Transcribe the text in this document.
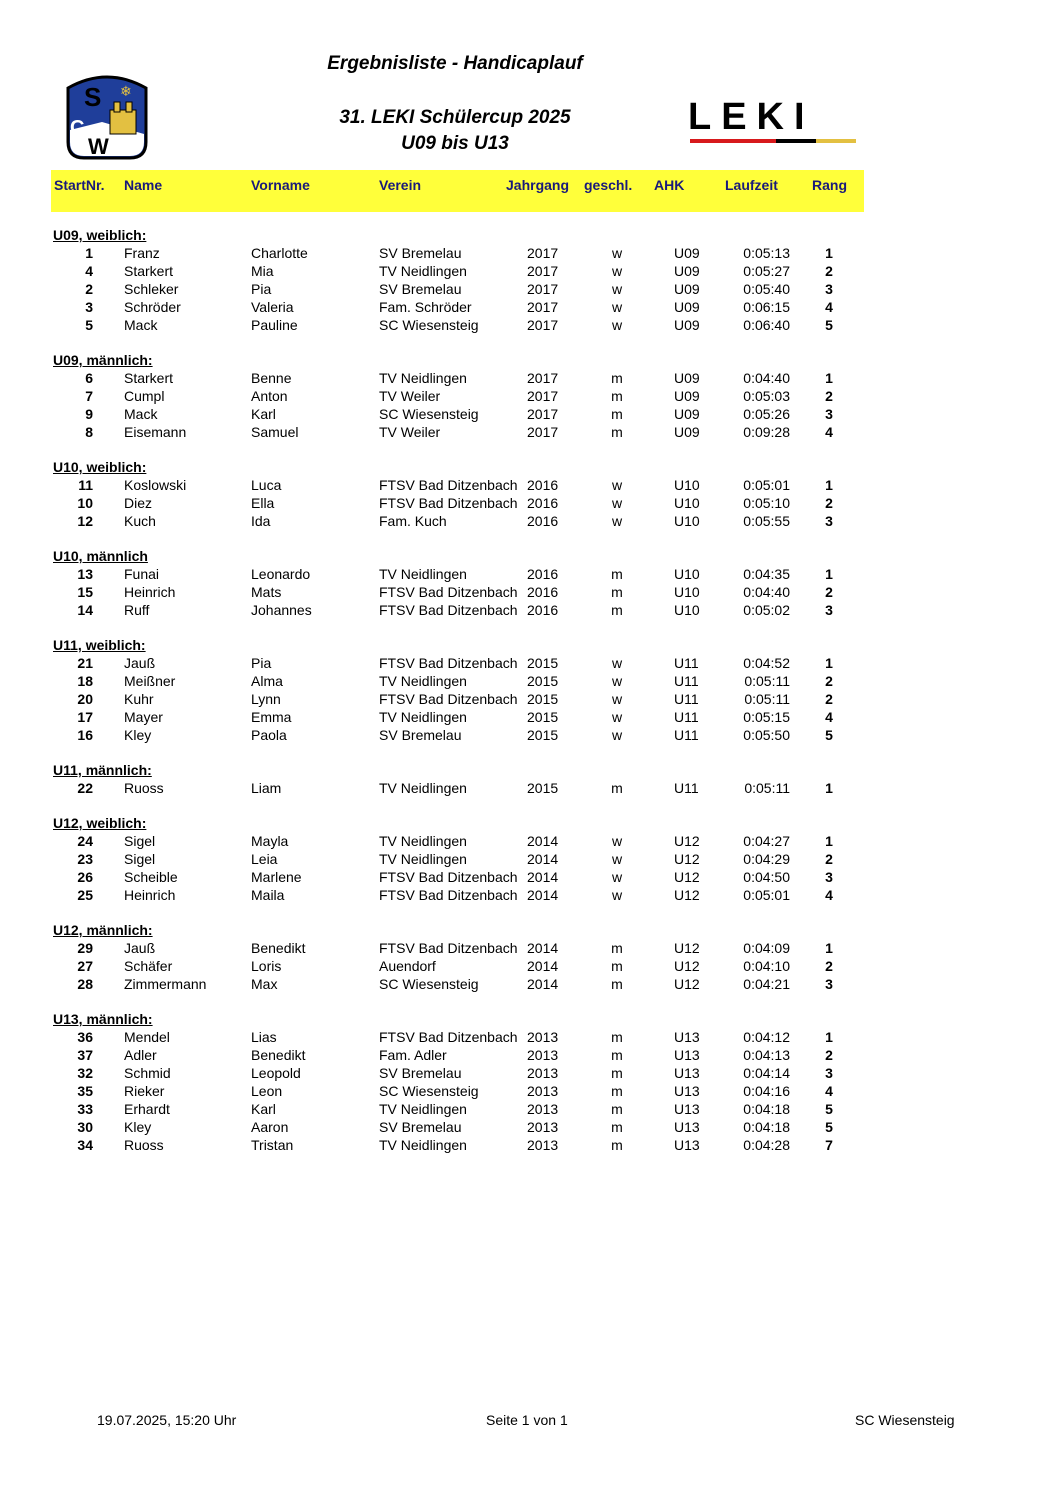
Ergebnisliste - Handicaplauf
31. LEKI Schülercup 2025
U09 bis U13
❄
S
C
W
LEKI
StartNr. Name	Vorname	Verein	Jahrgang geschl. AHK	Laufzeit Rang
U09, weiblich:
1 Franz	Charlotte	SV Bremelau	2017	w	U09	0:05:13	1
4 Starkert	Mia	TV Neidlingen	2017	w	U09	0:05:27	2
2 Schleker	Pia	SV Bremelau	2017	w	U09	0:05:40	3
3 Schröder	Valeria	Fam. Schröder	2017	w	U09	0:06:15	4
5 Mack	Pauline	SC Wiesensteig	2017	w	U09	0:06:40	5
U09, männlich:
6 Starkert	Benne	TV Neidlingen	2017	m	U09	0:04:40	1
7 Cumpl	Anton	TV Weiler	2017	m	U09	0:05:03	2
9 Mack	Karl	SC Wiesensteig	2017	m	U09	0:05:26	3
8 Eisemann	Samuel	TV Weiler	2017	m	U09	0:09:28	4
U10, weiblich:
11 Koslowski	Luca	FTSV Bad Ditzenbach 2016	w	U10	0:05:01	1
10 Diez	Ella	FTSV Bad Ditzenbach 2016	w	U10	0:05:10	2
12 Kuch	Ida	Fam. Kuch	2016	w	U10	0:05:55	3
U10, männlich
13 Funai	Leonardo	TV Neidlingen	2016	m	U10	0:04:35	1
15 Heinrich	Mats	FTSV Bad Ditzenbach 2016	m	U10	0:04:40	2
14 Ruff	Johannes	FTSV Bad Ditzenbach 2016	m	U10	0:05:02	3
U11, weiblich:
21 Jauß	Pia	FTSV Bad Ditzenbach 2015	w	U11	0:04:52	1
18 Meißner	Alma	TV Neidlingen	2015	w	U11	0:05:11	2
20 Kuhr	Lynn	FTSV Bad Ditzenbach 2015	w	U11	0:05:11	2
17 Mayer	Emma	TV Neidlingen	2015	w	U11	0:05:15	4
16 Kley	Paola	SV Bremelau	2015	w	U11	0:05:50	5
U11, männlich:
22 Ruoss	Liam	TV Neidlingen	2015	m	U11	0:05:11	1
U12, weiblich:
24 Sigel	Mayla	TV Neidlingen	2014	w	U12	0:04:27	1
23 Sigel	Leia	TV Neidlingen	2014	w	U12	0:04:29	2
26 Scheible	Marlene	FTSV Bad Ditzenbach 2014	w	U12	0:04:50	3
25 Heinrich	Maila	FTSV Bad Ditzenbach 2014	w	U12	0:05:01	4
U12, männlich:
29 Jauß	Benedikt	FTSV Bad Ditzenbach 2014	m	U12	0:04:09	1
27 Schäfer	Loris	Auendorf	2014	m	U12	0:04:10	2
28 Zimmermann	Max	SC Wiesensteig	2014	m	U12	0:04:21	3
U13, männlich:
36 Mendel	Lias	FTSV Bad Ditzenbach 2013	m	U13	0:04:12	1
37 Adler	Benedikt	Fam. Adler	2013	m	U13	0:04:13	2
32 Schmid	Leopold	SV Bremelau	2013	m	U13	0:04:14	3
35 Rieker	Leon	SC Wiesensteig	2013	m	U13	0:04:16	4
33 Erhardt	Karl	TV Neidlingen	2013	m	U13	0:04:18	5
30 Kley	Aaron	SV Bremelau	2013	m	U13	0:04:18	5
34 Ruoss	Tristan	TV Neidlingen	2013	m	U13	0:04:28	7
19.07.2025, 15:20 Uhr	Seite 1 von 1	SC Wiesensteig
